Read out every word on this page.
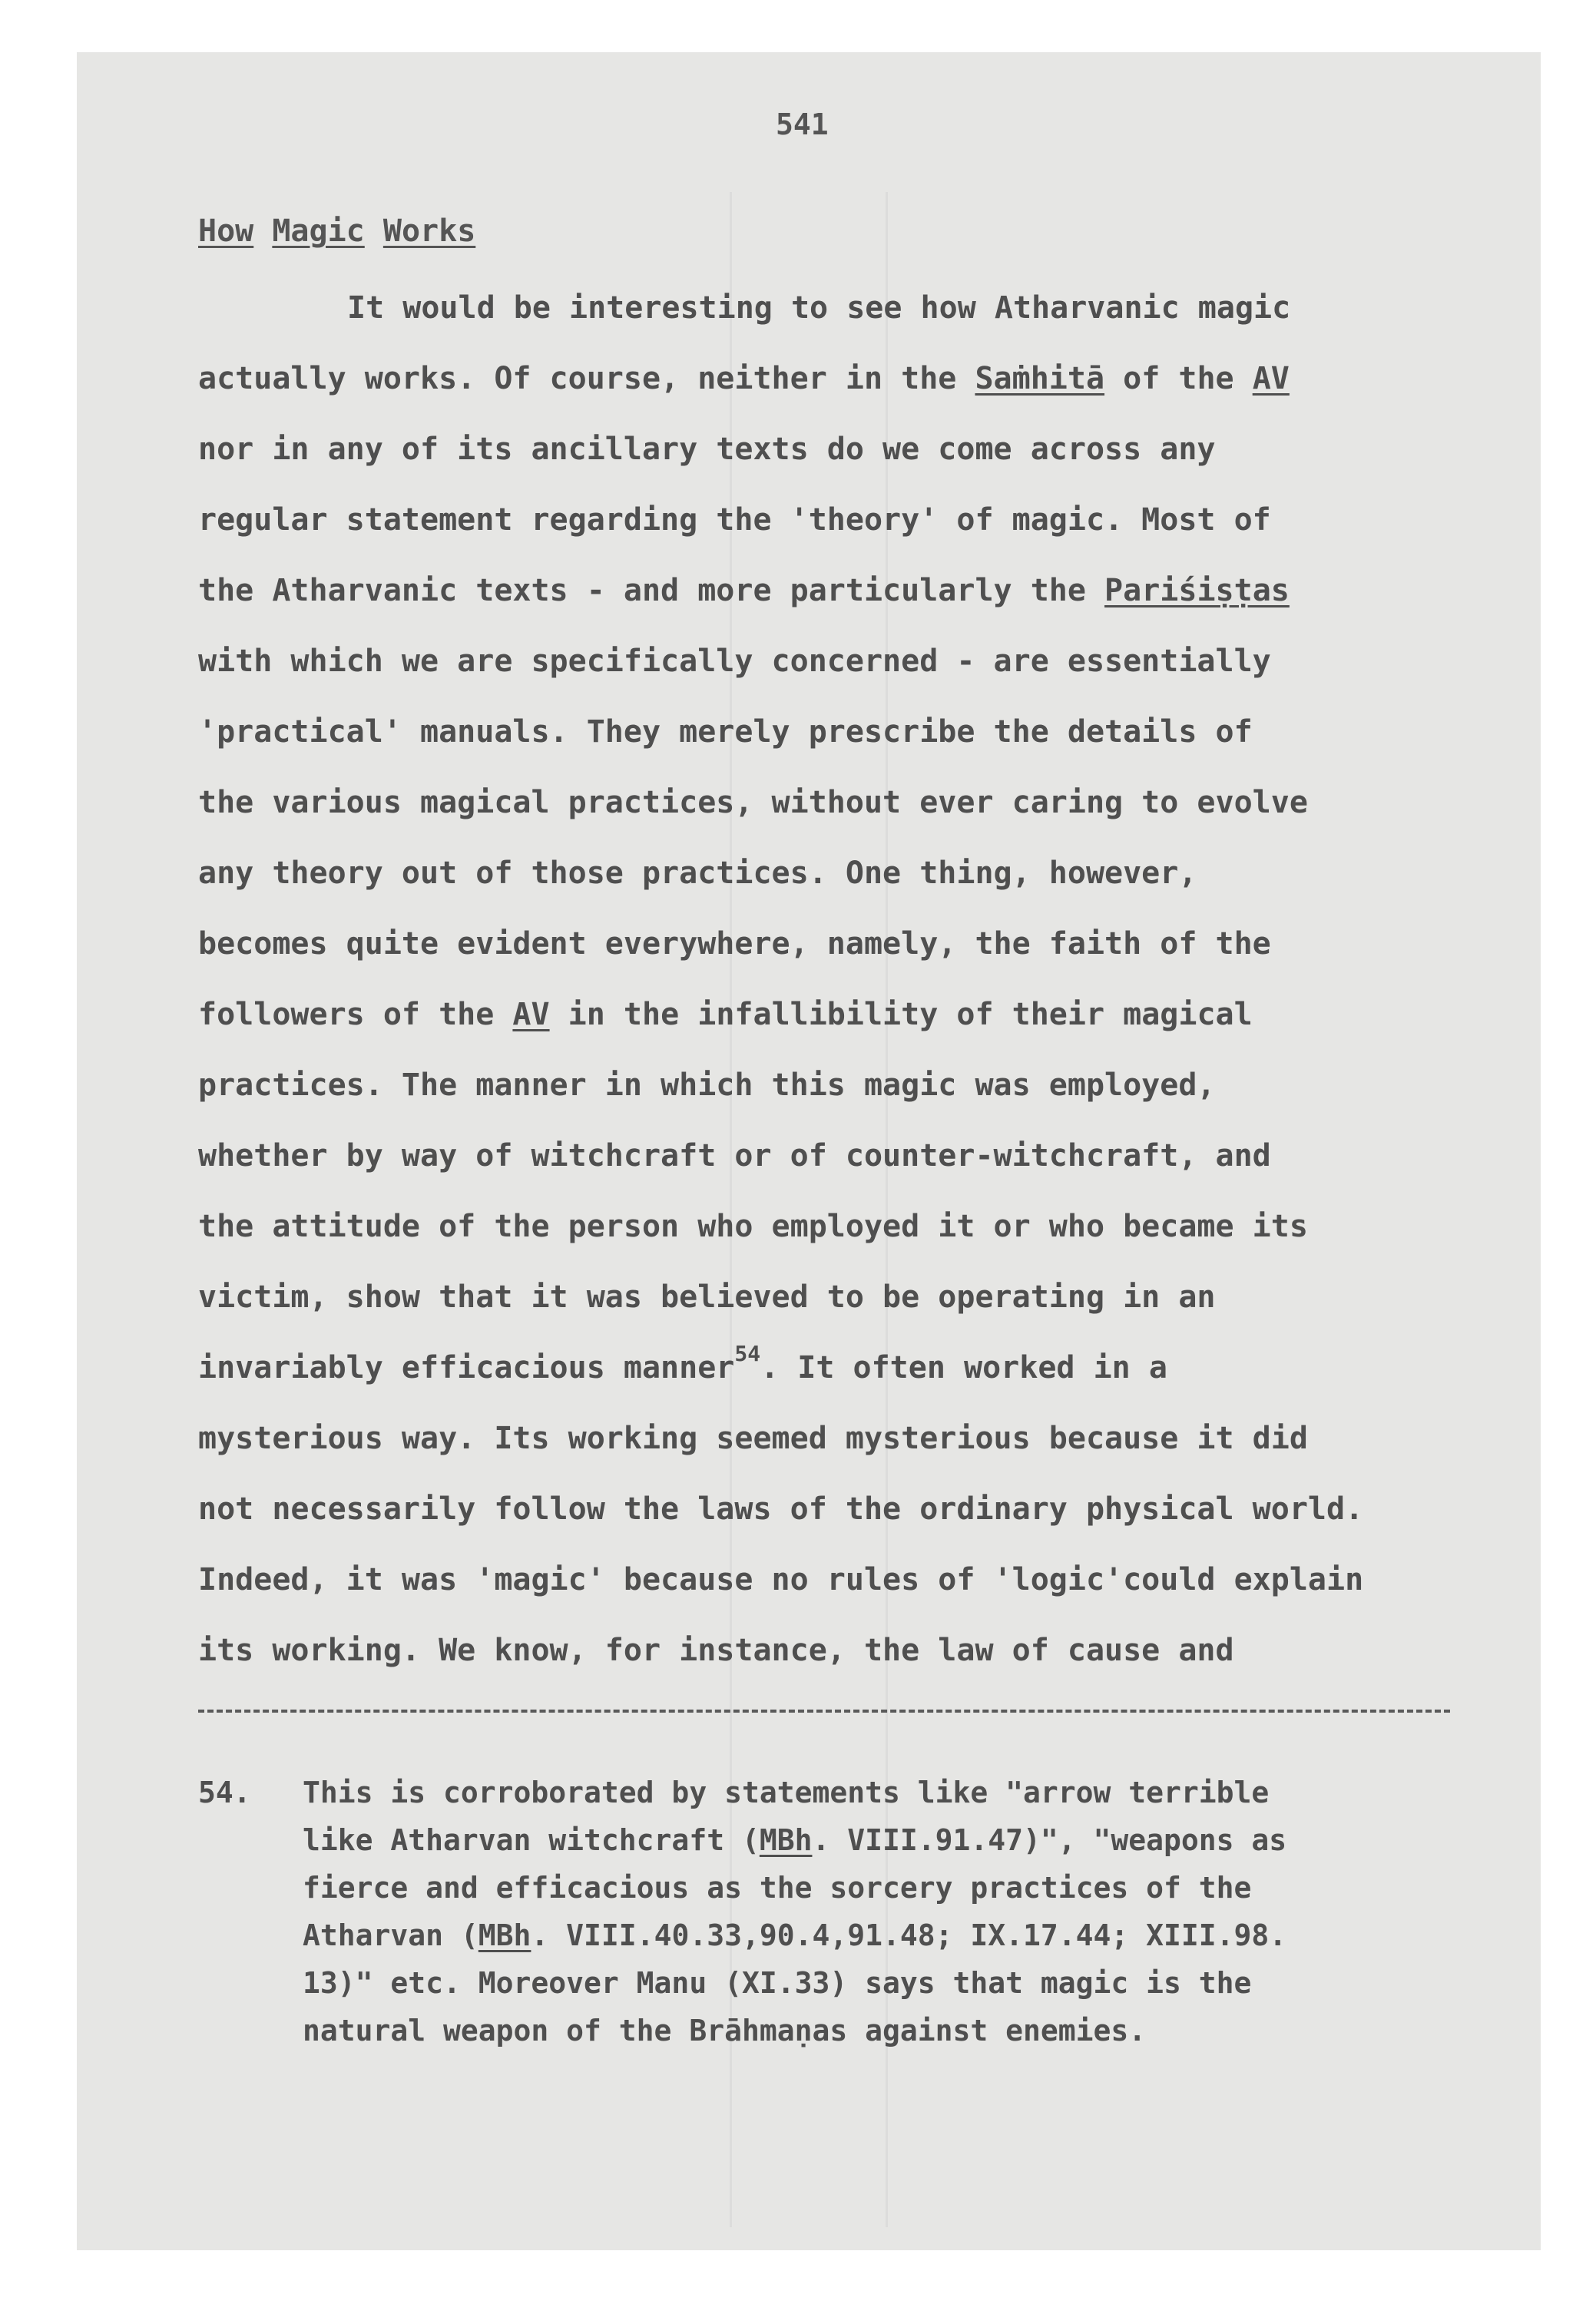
541
How Magic Works
It would be interesting to see how Atharvanic magic
actually works. Of course, neither in the Saṁhitā of the AV
nor in any of its ancillary texts do we come across any
regular statement regarding the 'theory' of magic. Most of
the Atharvanic texts - and more particularly the Pariśiṣṭas
with which we are specifically concerned - are essentially
'practical' manuals. They merely prescribe the details of
the various magical practices, without ever caring to evolve
any theory out of those practices. One thing, however,
becomes quite evident everywhere, namely, the faith of the
followers of the AV in the infallibility of their magical
practices. The manner in which this magic was employed,
whether by way of witchcraft or of counter-witchcraft, and
the attitude of the person who employed it or who became its
victim, show that it was believed to be operating in an
invariably efficacious manner$^{54}$. It often worked in a
mysterious way. Its working seemed mysterious because it did
not necessarily follow the laws of the ordinary physical world.
Indeed, it was 'magic' because no rules of 'logic'could explain
its working. We know, for instance, the law of cause and
54. This is corroborated by statements like "arrow terrible
like Atharvan witchcraft (MBh. VIII.91.47)", "weapons as
fierce and efficacious as the sorcery practices of the
Atharvan (MBh. VIII.40.33,90.4,91.48; IX.17.44; XIII.98.
13)" etc. Moreover Manu (XI.33) says that magic is the
natural weapon of the Brāhmaṇas against enemies.
